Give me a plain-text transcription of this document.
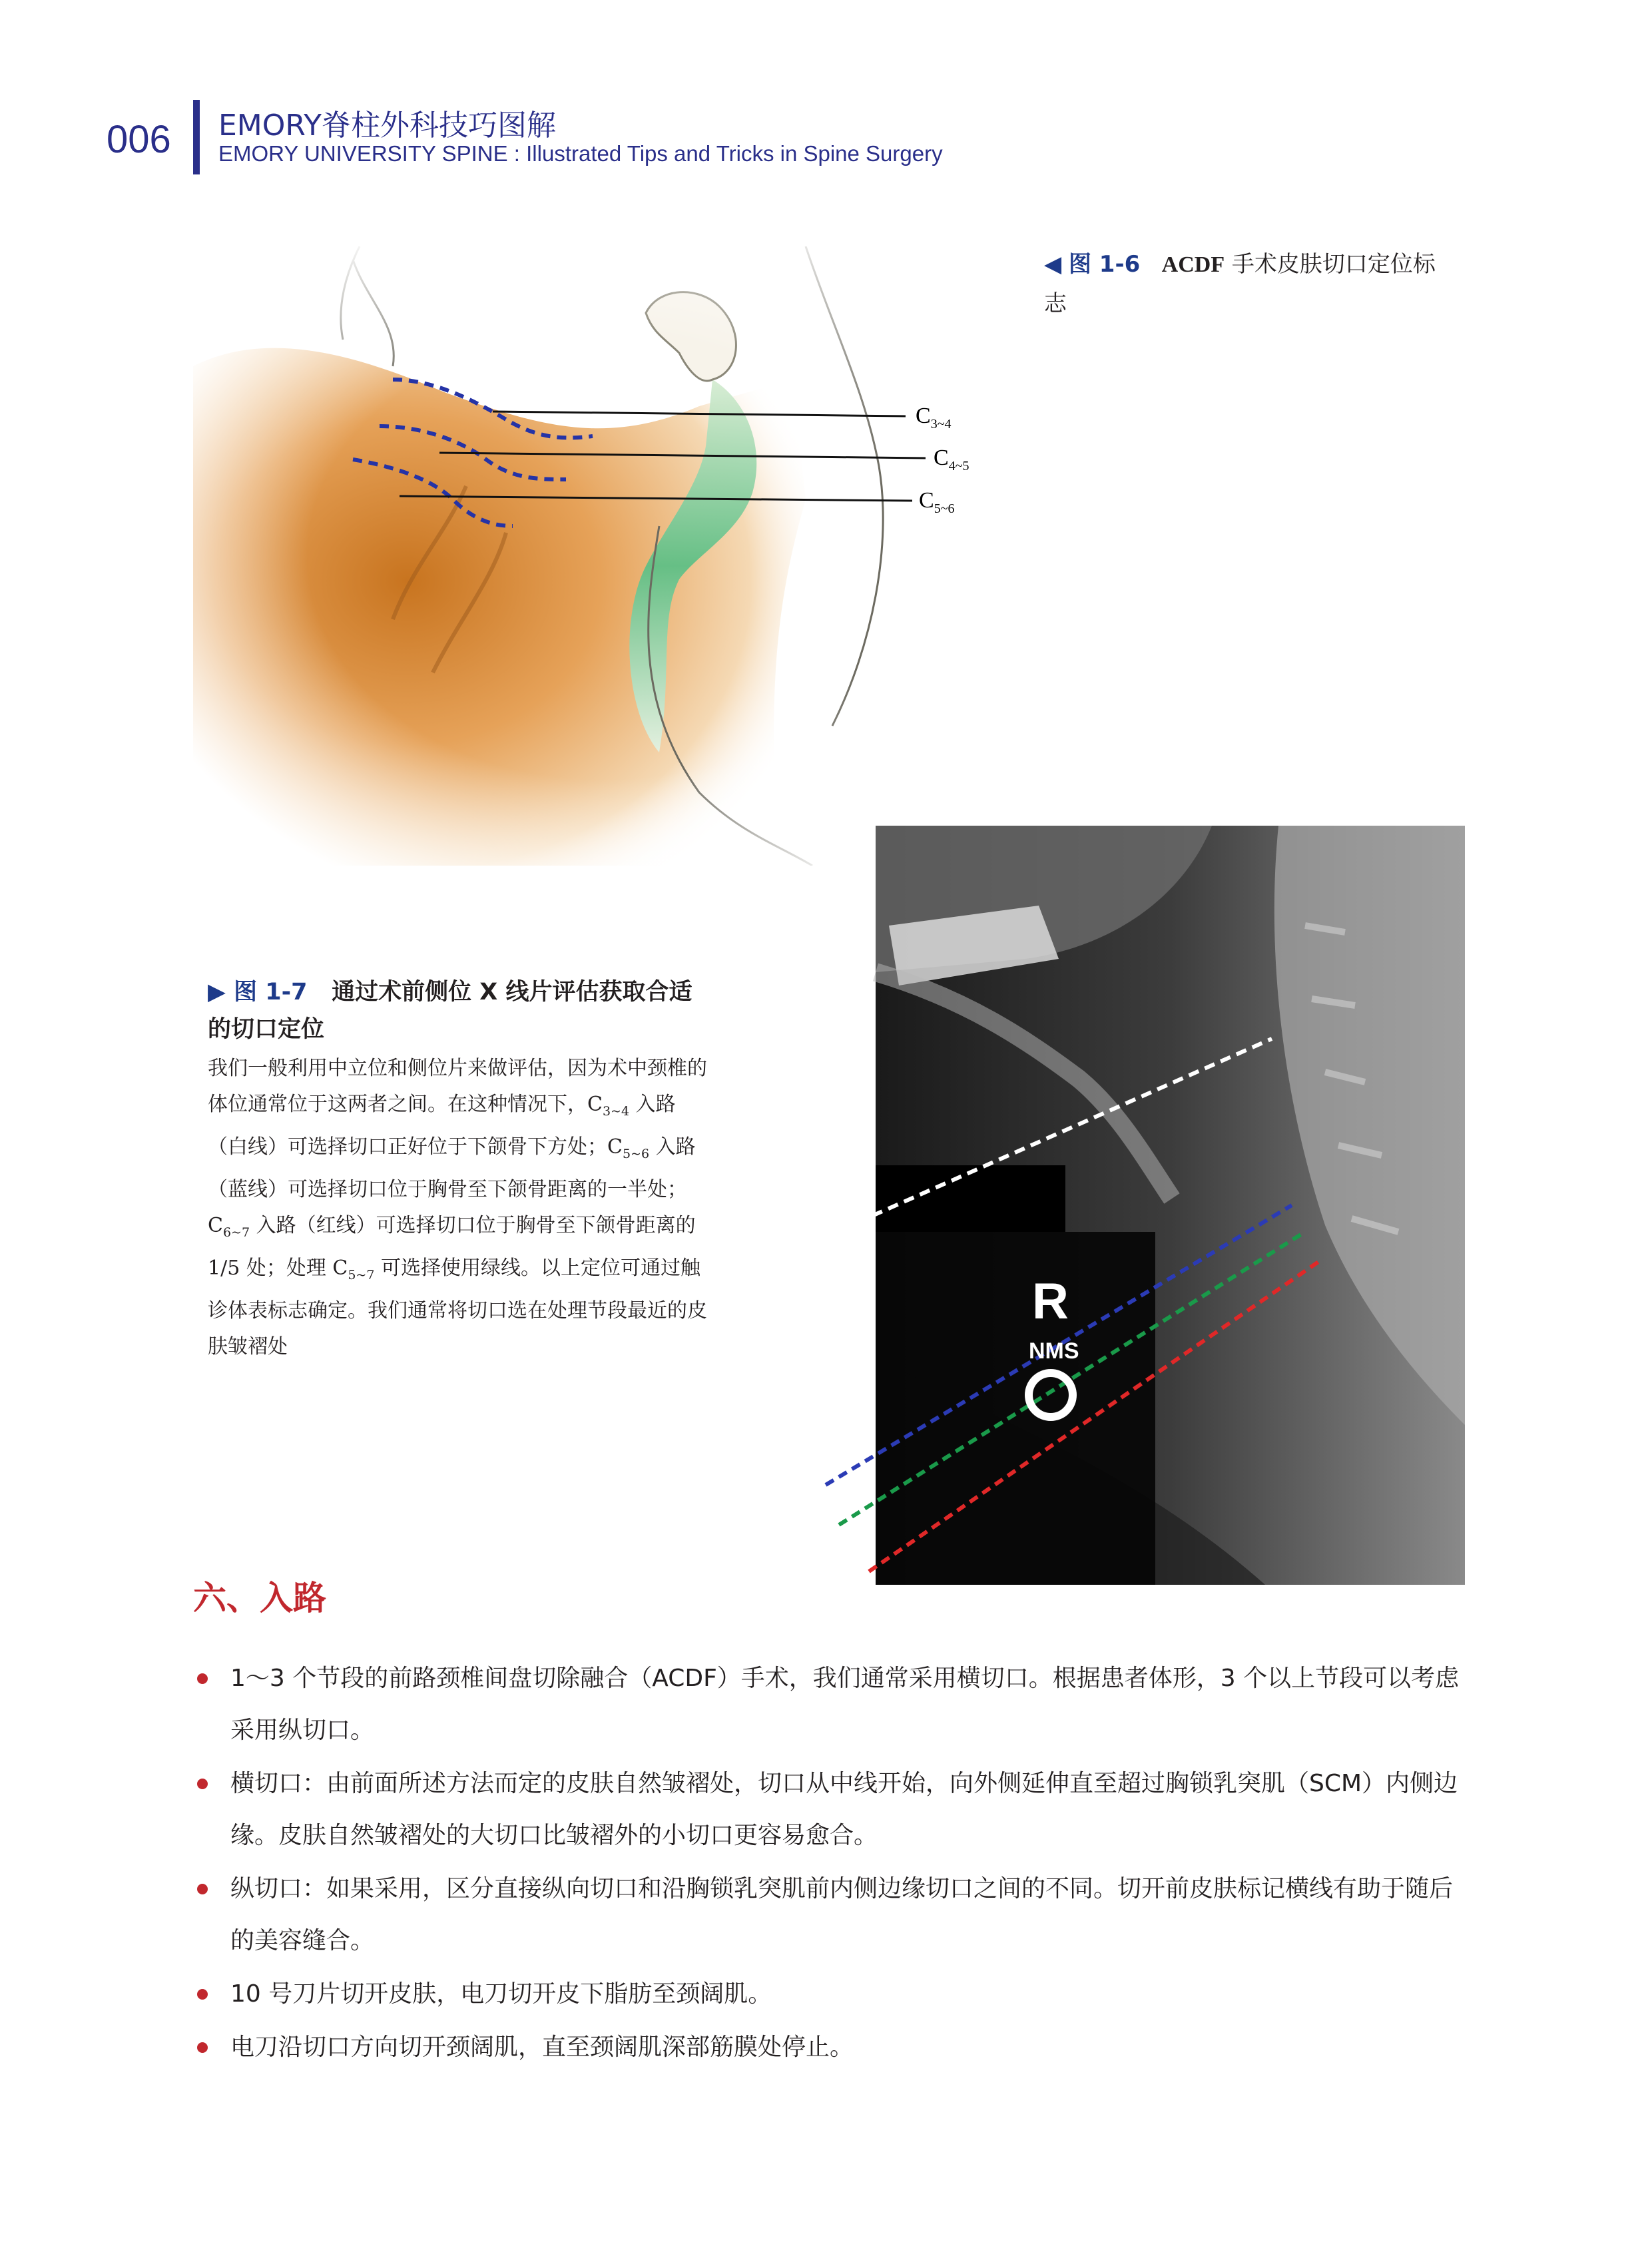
006 EMORY脊柱外科技巧图解
EMORY UNIVERSITY SPINE : Illustrated Tips and Tricks in Spine Surgery
$C_{3\sim 4}$
$C_{4\sim 5}$
$C_{5\sim 6}$
◀ 图 1-6 ACDF 手术皮肤切口定位标志
R
NMS
▶ 图 1-7 通过术前侧位 X 线片评估获取合适的切口定位
我们一般利用中立位和侧位片来做评估，因为术中颈椎的体位通常位于这两者之间。在这种情况下，$C_{3\sim 4}$ 入路（白线）可选择切口正好位于下颌骨下方处；$C_{5\sim 6}$ 入路（蓝线）可选择切口位于胸骨至下颌骨距离的一半处；$C_{6\sim 7}$ 入路（红线）可选择切口位于胸骨至下颌骨距离的 1/5 处；处理 $C_{5\sim 7}$ 可选择使用绿线。以上定位可通过触诊体表标志确定。我们通常将切口选在处理节段最近的皮肤皱褶处
六、入路
1～3 个节段的前路颈椎间盘切除融合（ACDF）手术，我们通常采用横切口。根据患者体形，3 个以上节段可以考虑采用纵切口。
横切口：由前面所述方法而定的皮肤自然皱褶处，切口从中线开始，向外侧延伸直至超过胸锁乳突肌（SCM）内侧边缘。皮肤自然皱褶处的大切口比皱褶外的小切口更容易愈合。
纵切口：如果采用，区分直接纵向切口和沿胸锁乳突肌前内侧边缘切口之间的不同。切开前皮肤标记横线有助于随后的美容缝合。
10 号刀片切开皮肤，电刀切开皮下脂肪至颈阔肌。
电刀沿切口方向切开颈阔肌，直至颈阔肌深部筋膜处停止。
